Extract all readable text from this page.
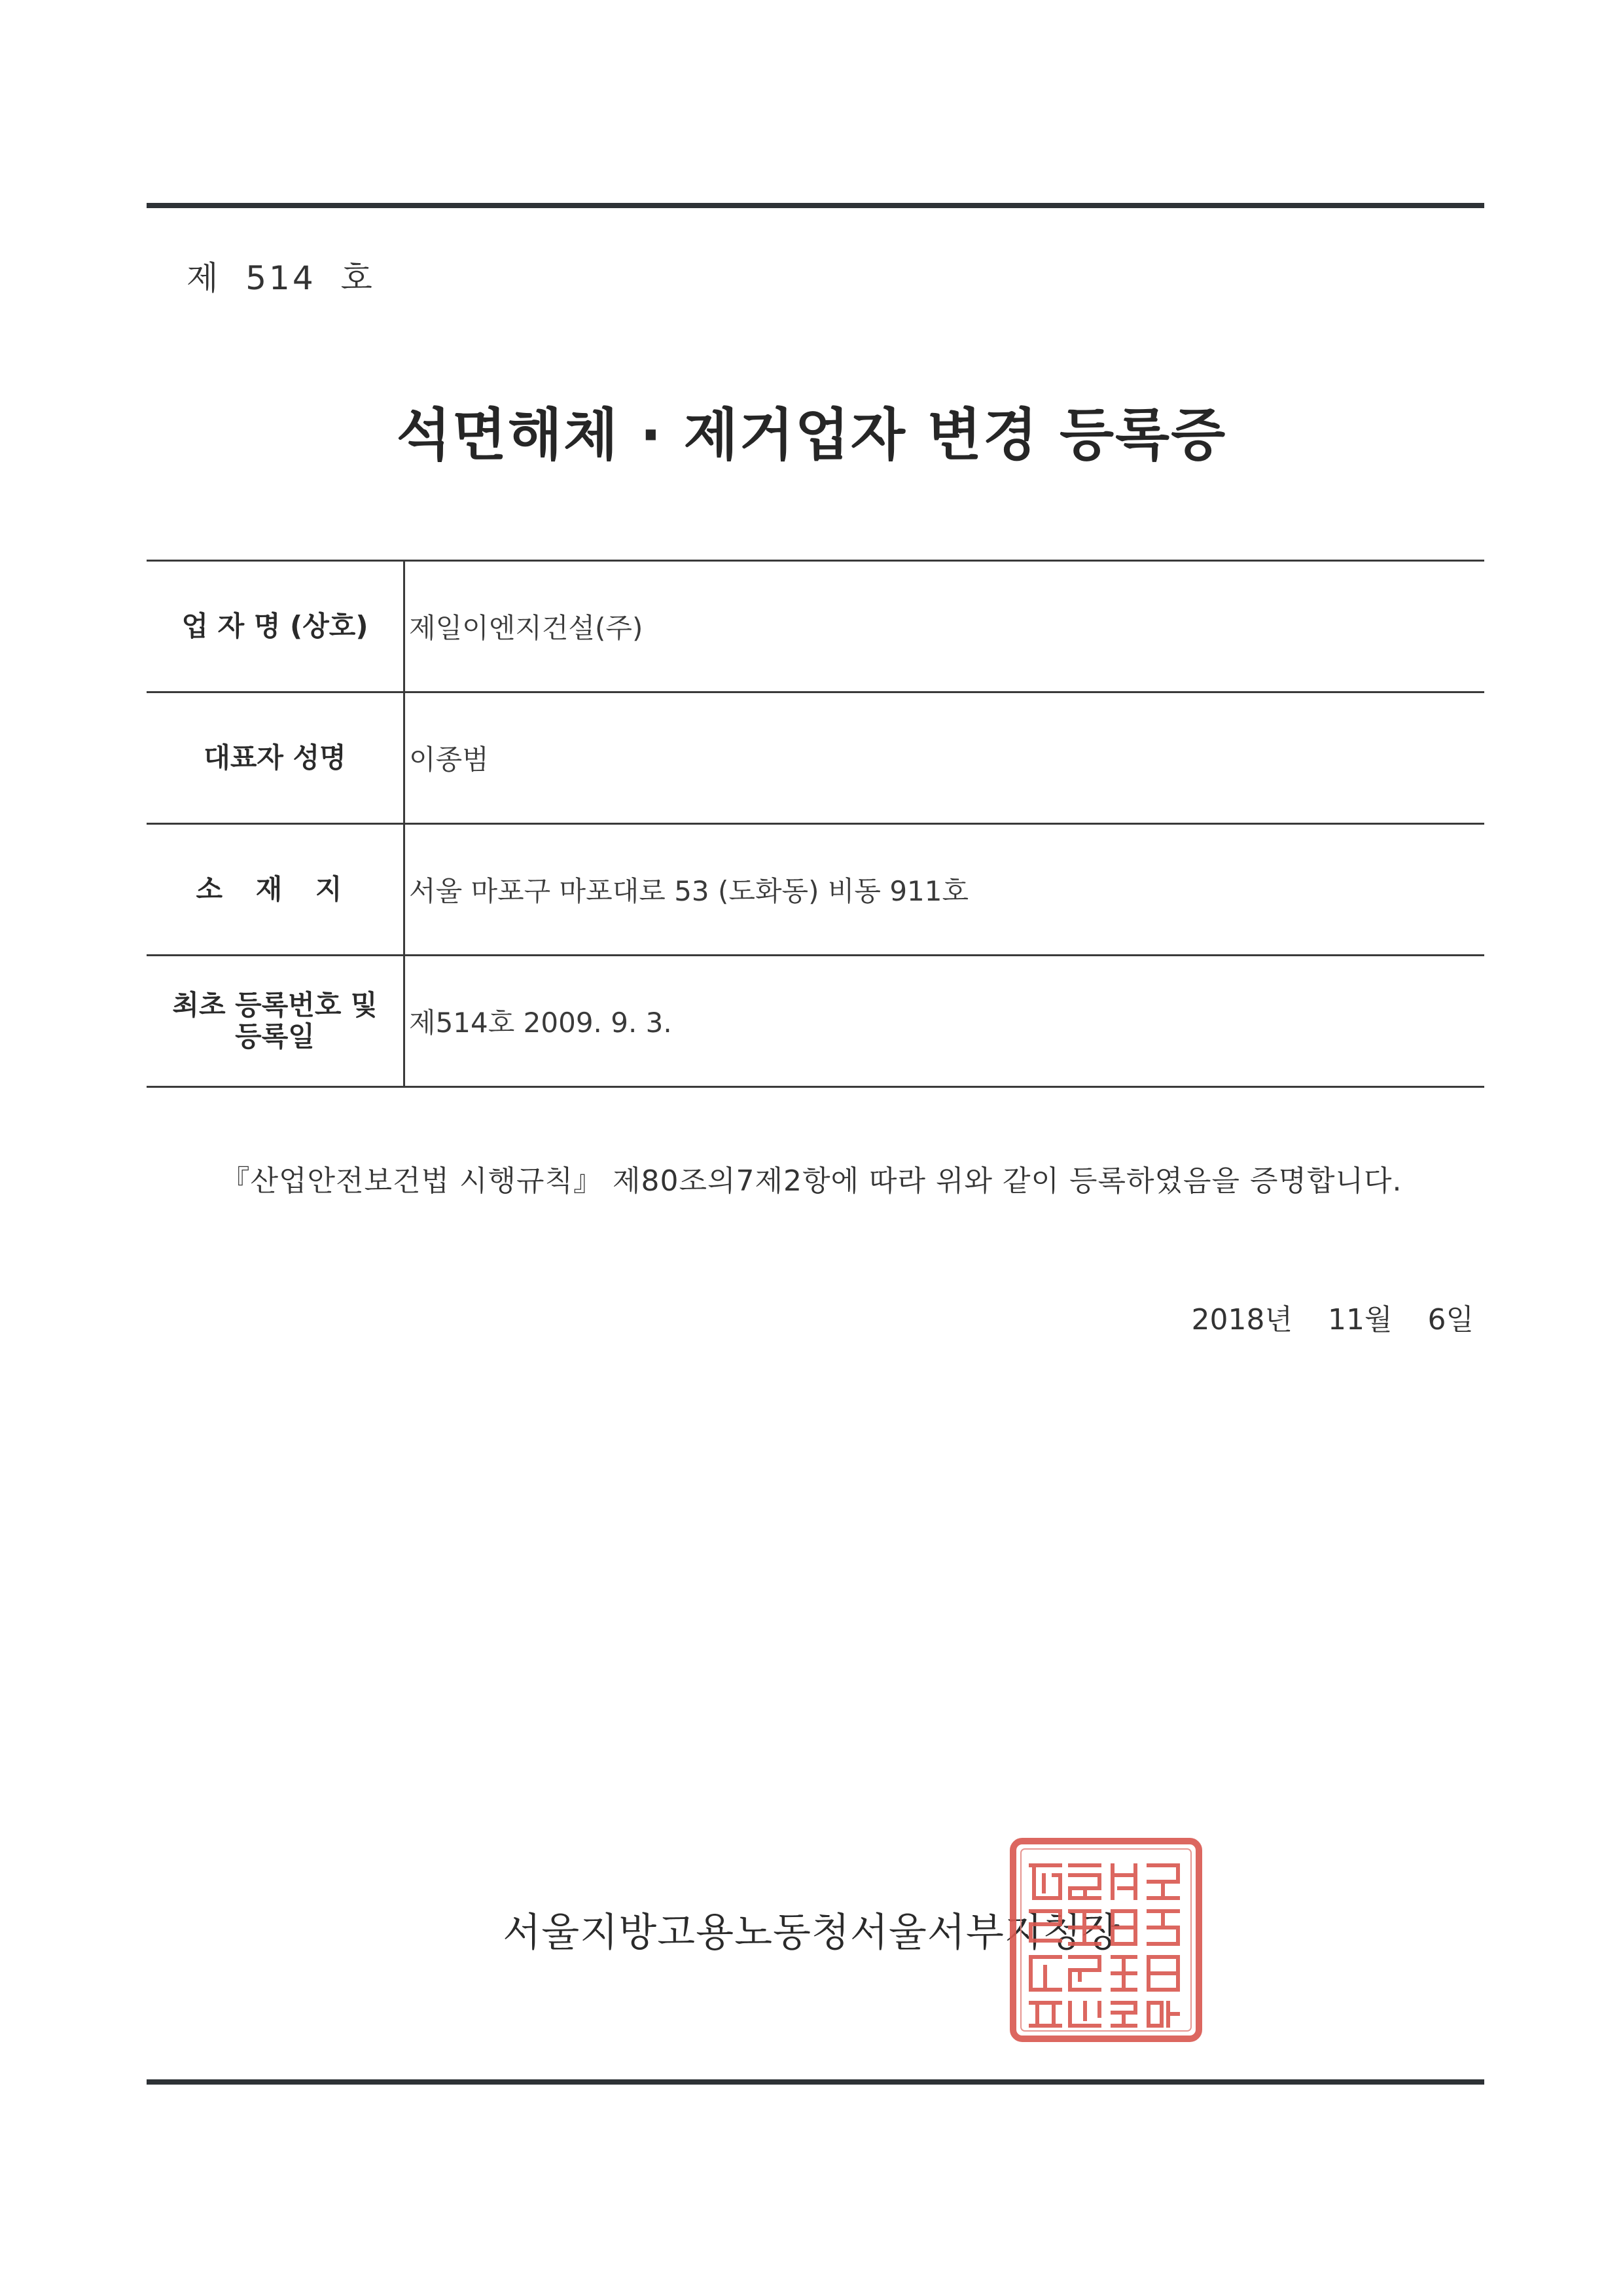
제 514 호
석면해체 · 제거업자 변경 등록증
업 자 명 (상호)	제일이엔지건설(주)
대표자 성명	이종범
소 재 지	서울 마포구 마포대로 53 (도화동) 비동 911호

최초 등록번호 및
등록일	제514호 2009. 9. 3.
『산업안전보건법 시행규칙』 제80조의7제2항에 따라 위와 같이 등록하였음을 증명합니다.
2018년 11월 6일
서울지방고용노동청서울서부지청장
